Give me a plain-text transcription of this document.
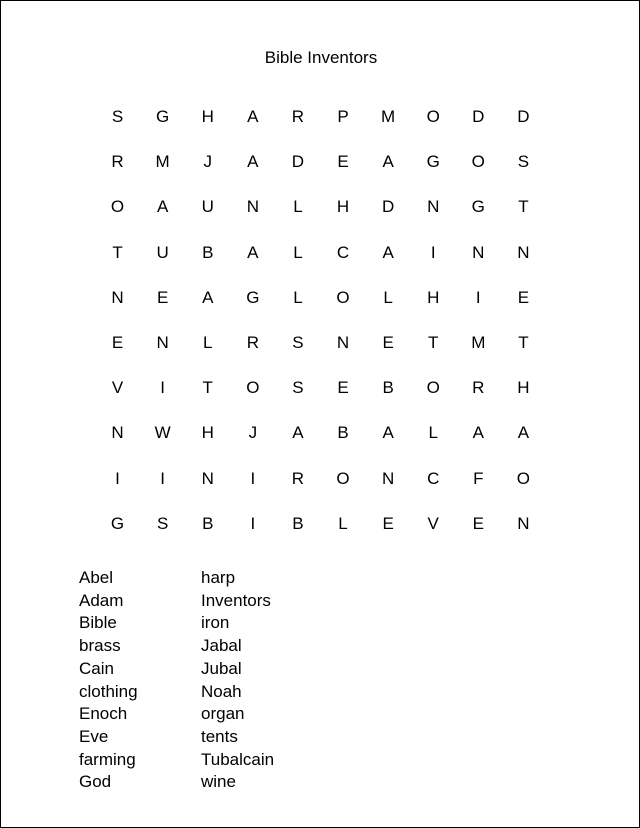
Bible Inventors
S	G	H	A	R	P	M	O	D	D
R	M	J	A	D	E	A	G	O	S
O	A	U	N	L	H	D	N	G	T
T	U	B	A	L	C	A	I	N	N
N	E	A	G	L	O	L	H	I	E
E	N	L	R	S	N	E	T	M	T
V	I	T	O	S	E	B	O	R	H
N	W	H	J	A	B	A	L	A	A
I	I	N	I	R	O	N	C	F	O
G	S	B	I	B	L	E	V	E	N
Abel
Adam
Bible
brass
Cain
clothing
Enoch
Eve
farming
God
harp
Inventors
iron
Jabal
Jubal
Noah
organ
tents
Tubalcain
wine
